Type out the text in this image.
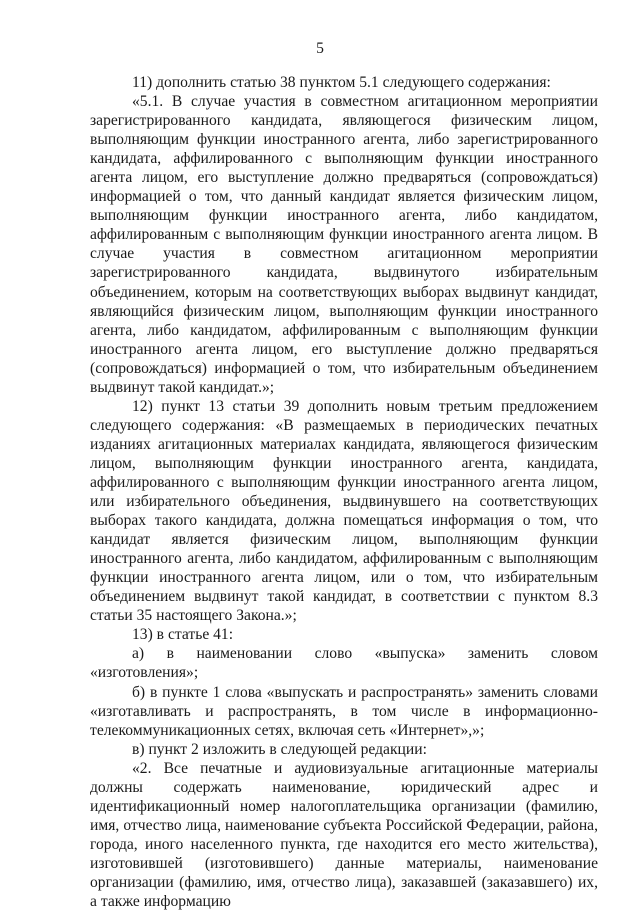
5

11) дополнить статью 38 пунктом 5.1 следующего содержания:

«5.1. В случае участия в совместном агитационном мероприятии зарегистрированного кандидата, являющегося физическим лицом, выполняющим функции иностранного агента, либо зарегистрированного кандидата, аффилированного с выполняющим функции иностранного агента лицом, его выступление должно предваряться (сопровождаться) информацией о том, что данный кандидат является физическим лицом, выполняющим функции иностранного агента, либо кандидатом, аффилированным с выполняющим функции иностранного агента лицом. В случае участия в совместном агитационном мероприятии зарегистрированного кандидата, выдвинутого избирательным объединением, которым на соответствующих выборах выдвинут кандидат, являющийся физическим лицом, выполняющим функции иностранного агента, либо кандидатом, аффилированным с выполняющим функции иностранного агента лицом, его выступление должно предваряться (сопровождаться) информацией о том, что избирательным объединением выдвинут такой кандидат.»;

12) пункт 13 статьи 39 дополнить новым третьим предложением следующего содержания: «В размещаемых в периодических печатных изданиях агитационных материалах кандидата, являющегося физическим лицом, выполняющим функции иностранного агента, кандидата, аффилированного с выполняющим функции иностранного агента лицом, или избирательного объединения, выдвинувшего на соответствующих выборах такого кандидата, должна помещаться информация о том, что кандидат является физическим лицом, выполняющим функции иностранного агента, либо кандидатом, аффилированным с выполняющим функции иностранного агента лицом, или о том, что избирательным объединением выдвинут такой кандидат, в соответствии с пунктом 8.3 статьи 35 настоящего Закона.»;

13) в статье 41:

а) в наименовании слово «выпуска» заменить словом «изготовления»;

б) в пункте 1 слова «выпускать и распространять» заменить словами «изготавливать и распространять, в том числе в информационно-телекоммуникационных сетях, включая сеть «Интернет»,»;

в) пункт 2 изложить в следующей редакции:

«2. Все печатные и аудиовизуальные агитационные материалы должны содержать наименование, юридический адрес и идентификационный номер налогоплательщика организации (фамилию, имя, отчество лица, наименование субъекта Российской Федерации, района, города, иного населенного пункта, где находится его место жительства), изготовившей (изготовившего) данные материалы, наименование организации (фамилию, имя, отчество лица), заказавшей (заказавшего) их, а также информацию
